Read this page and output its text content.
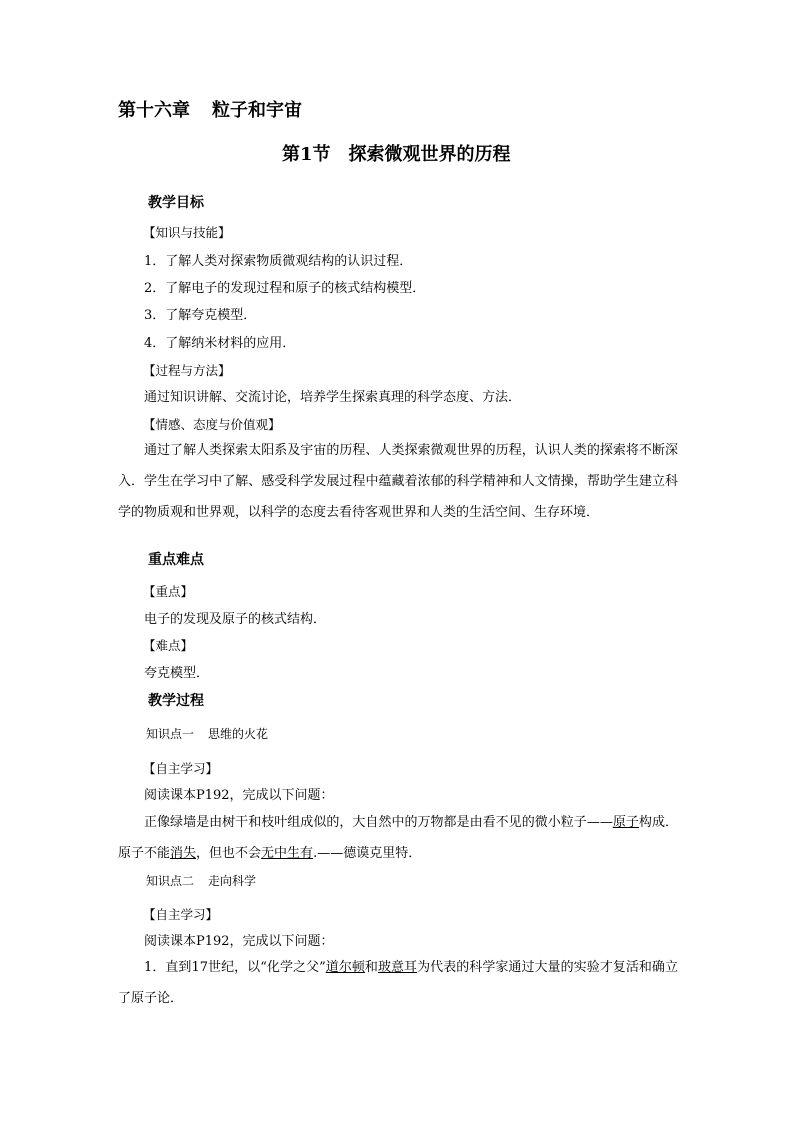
第十六章 粒子和宇宙
第1节 探索微观世界的历程
教学目标
【知识与技能】
1．了解人类对探索物质微观结构的认识过程．
2．了解电子的发现过程和原子的核式结构模型．
3．了解夸克模型．
4．了解纳米材料的应用．
【过程与方法】
通过知识讲解、交流讨论，培养学生探索真理的科学态度、方法．
【情感、态度与价值观】
通过了解人类探索太阳系及宇宙的历程、人类探索微观世界的历程，认识人类的探索将不断深入．学生在学习中了解、感受科学发展过程中蕴藏着浓郁的科学精神和人文情操，帮助学生建立科学的物质观和世界观，以科学的态度去看待客观世界和人类的生活空间、生存环境．
重点难点
【重点】
电子的发现及原子的核式结构．
【难点】
夸克模型．
教学过程
知识点一 思维的火花
【自主学习】
阅读课本P192，完成以下问题：
正像绿墙是由树干和枝叶组成似的，大自然中的万物都是由看不见的微小粒子——原子构成．原子不能消失，但也不会无中生有.——德谟克里特．
知识点二 走向科学
【自主学习】
阅读课本P192，完成以下问题：
1．直到17世纪，以“化学之父”道尔顿和玻意耳为代表的科学家通过大量的实验才复活和确立了原子论．
